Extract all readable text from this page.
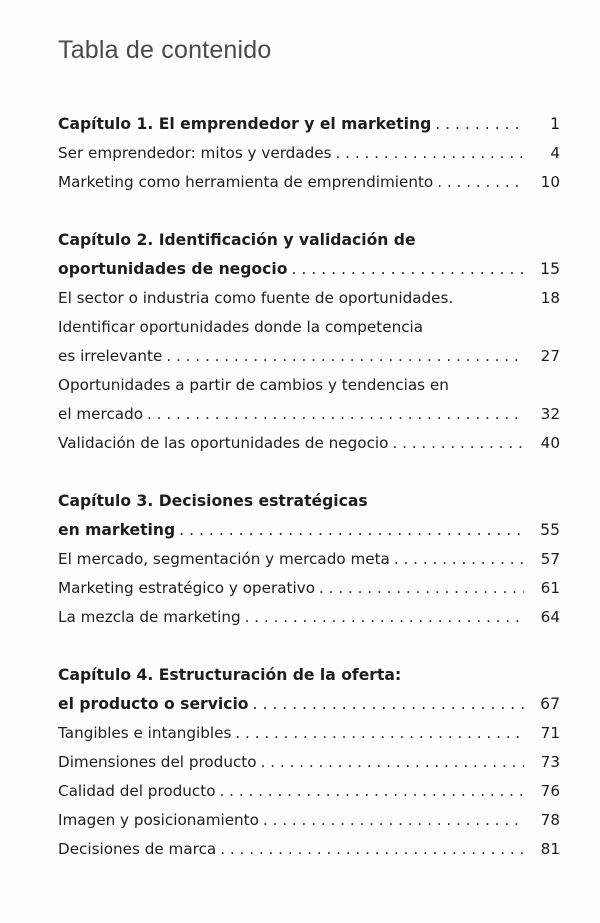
Tabla de contenido
Capítulo 1. El emprendedor y el marketing . . .	1
Ser emprendedor: mitos y verdades . . .	4
Marketing como herramienta de emprendimiento . . .	10
Capítulo 2. Identificación y validación de
oportunidades de negocio . . .	15
El sector o industria como fuente de oportunidades.	18
Identificar oportunidades donde la competencia
es irrelevante . . .	27
Oportunidades a partir de cambios y tendencias en
el mercado . . .	32
Validación de las oportunidades de negocio . . .	40
Capítulo 3. Decisiones estratégicas
en marketing . . .	55
El mercado, segmentación y mercado meta . . .	57
Marketing estratégico y operativo . . .	61
La mezcla de marketing . . .	64
Capítulo 4. Estructuración de la oferta:
el producto o servicio . . .	67
Tangibles e intangibles . . .	71
Dimensiones del producto . . .	73
Calidad del producto . . .	76
Imagen y posicionamiento . . .	78
Decisiones de marca . . .	81
